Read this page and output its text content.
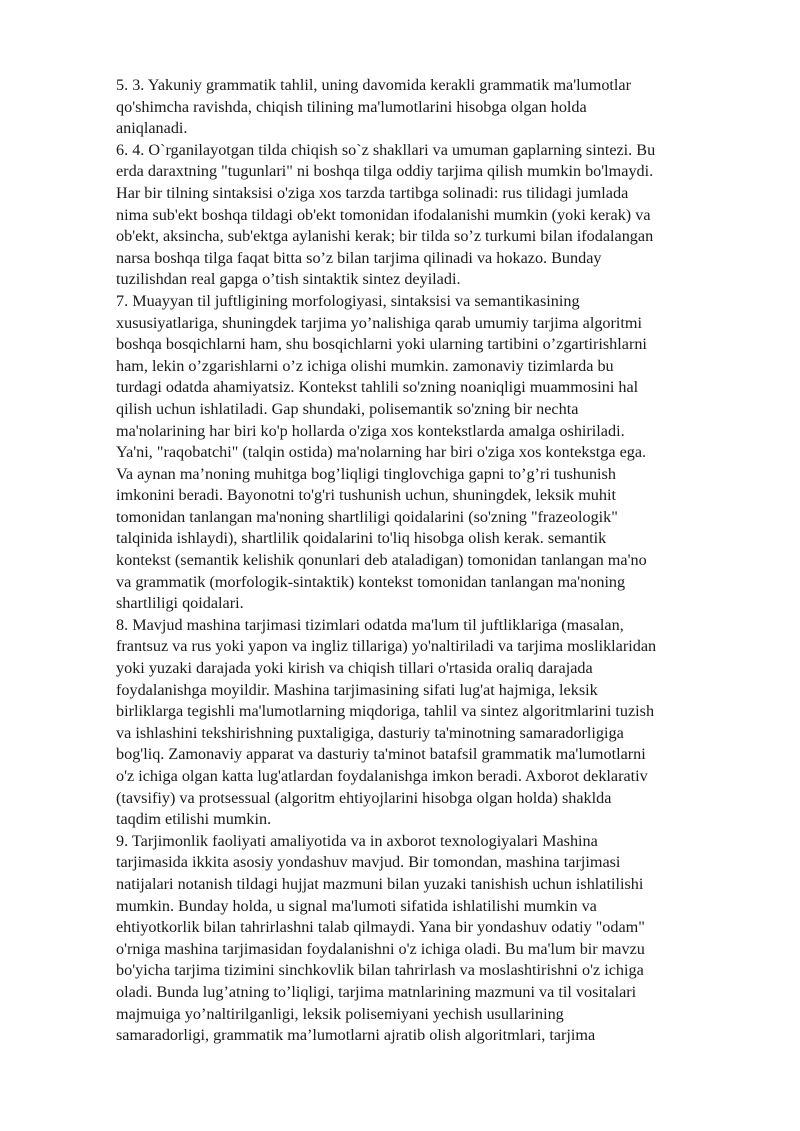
5. 3. Yakuniy grammatik tahlil, uning davomida kerakli grammatik ma'lumotlar
qo'shimcha ravishda, chiqish tilining ma'lumotlarini hisobga olgan holda
aniqlanadi.

6. 4. O`rganilayotgan tilda chiqish so`z shakllari va umuman gaplarning sintezi. Bu
erda daraxtning "tugunlari" ni boshqa tilga oddiy tarjima qilish mumkin bo'lmaydi.
Har bir tilning sintaksisi o'ziga xos tarzda tartibga solinadi: rus tilidagi jumlada
nima sub'ekt boshqa tildagi ob'ekt tomonidan ifodalanishi mumkin (yoki kerak) va
ob'ekt, aksincha, sub'ektga aylanishi kerak; bir tilda so’z turkumi bilan ifodalangan
narsa boshqa tilga faqat bitta so’z bilan tarjima qilinadi va hokazo. Bunday
tuzilishdan real gapga o’tish sintaktik sintez deyiladi.

7. Muayyan til juftligining morfologiyasi, sintaksisi va semantikasining
xususiyatlariga, shuningdek tarjima yo’nalishiga qarab umumiy tarjima algoritmi
boshqa bosqichlarni ham, shu bosqichlarni yoki ularning tartibini o’zgartirishlarni
ham, lekin o’zgarishlarni o’z ichiga olishi mumkin. zamonaviy tizimlarda bu
turdagi odatda ahamiyatsiz. Kontekst tahlili so'zning noaniqligi muammosini hal
qilish uchun ishlatiladi. Gap shundaki, polisemantik so'zning bir nechta
ma'nolarining har biri ko'p hollarda o'ziga xos kontekstlarda amalga oshiriladi.
Ya'ni, "raqobatchi" (talqin ostida) ma'nolarning har biri o'ziga xos kontekstga ega.
Va aynan ma’noning muhitga bog’liqligi tinglovchiga gapni to’g’ri tushunish
imkonini beradi. Bayonotni to'g'ri tushunish uchun, shuningdek, leksik muhit
tomonidan tanlangan ma'noning shartliligi qoidalarini (so'zning "frazeologik"
talqinida ishlaydi), shartlilik qoidalarini to'liq hisobga olish kerak. semantik
kontekst (semantik kelishik qonunlari deb ataladigan) tomonidan tanlangan ma'no
va grammatik (morfologik-sintaktik) kontekst tomonidan tanlangan ma'noning
shartliligi qoidalari.

8. Mavjud mashina tarjimasi tizimlari odatda ma'lum til juftliklariga (masalan,
frantsuz va rus yoki yapon va ingliz tillariga) yo'naltiriladi va tarjima mosliklaridan
yoki yuzaki darajada yoki kirish va chiqish tillari o'rtasida oraliq darajada
foydalanishga moyildir. Mashina tarjimasining sifati lug'at hajmiga, leksik
birliklarga tegishli ma'lumotlarning miqdoriga, tahlil va sintez algoritmlarini tuzish
va ishlashini tekshirishning puxtaligiga, dasturiy ta'minotning samaradorligiga
bog'liq. Zamonaviy apparat va dasturiy ta'minot batafsil grammatik ma'lumotlarni
o'z ichiga olgan katta lug'atlardan foydalanishga imkon beradi. Axborot deklarativ
(tavsifiy) va protsessual (algoritm ehtiyojlarini hisobga olgan holda) shaklda
taqdim etilishi mumkin.

9. Tarjimonlik faoliyati amaliyotida va in axborot texnologiyalari Mashina
tarjimasida ikkita asosiy yondashuv mavjud. Bir tomondan, mashina tarjimasi
natijalari notanish tildagi hujjat mazmuni bilan yuzaki tanishish uchun ishlatilishi
mumkin. Bunday holda, u signal ma'lumoti sifatida ishlatilishi mumkin va
ehtiyotkorlik bilan tahrirlashni talab qilmaydi. Yana bir yondashuv odatiy "odam"
o'rniga mashina tarjimasidan foydalanishni o'z ichiga oladi. Bu ma'lum bir mavzu
bo'yicha tarjima tizimini sinchkovlik bilan tahrirlash va moslashtirishni o'z ichiga
oladi. Bunda lug’atning to’liqligi, tarjima matnlarining mazmuni va til vositalari
majmuiga yo’naltirilganligi, leksik polisemiyani yechish usullarining
samaradorligi, grammatik ma’lumotlarni ajratib olish algoritmlari, tarjima
